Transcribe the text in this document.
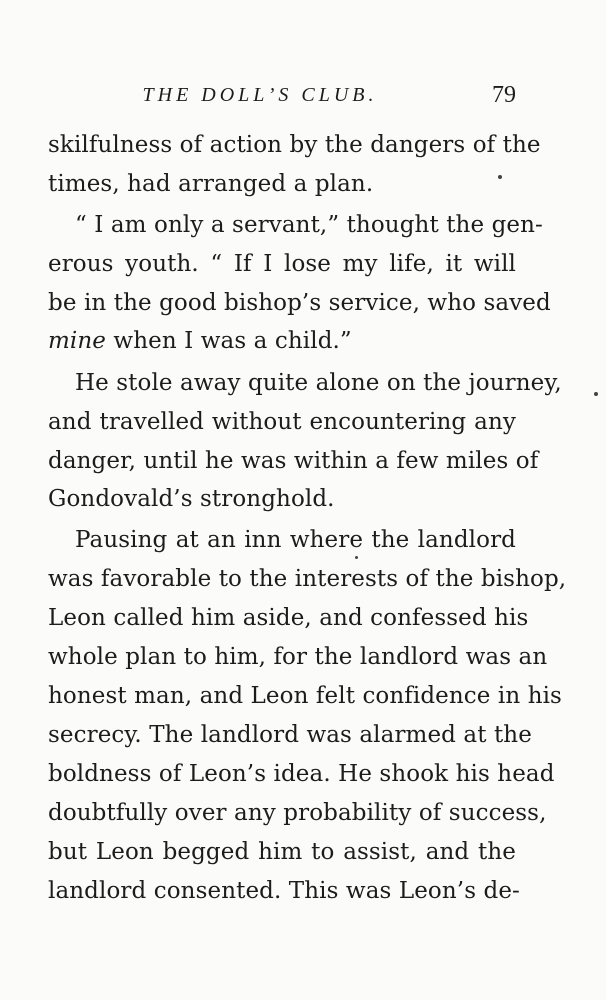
THE DOLL’S CLUB.	79
skilfulness of action by the dangers of the
times, had arranged a plan.
“ I am only a servant,” thought the gen-
erous youth. “ If I lose my life, it will
be in the good bishop’s service, who saved
mine when I was a child.”
He stole away quite alone on the journey,
and travelled without encountering any
danger, until he was within a few miles of
Gondovald’s stronghold.
Pausing at an inn where the landlord
was favorable to the interests of the bishop,
Leon called him aside, and confessed his
whole plan to him, for the landlord was an
honest man, and Leon felt confidence in his
secrecy. The landlord was alarmed at the
boldness of Leon’s idea. He shook his head
doubtfully over any probability of success,
but Leon begged him to assist, and the
landlord consented. This was Leon’s de-
